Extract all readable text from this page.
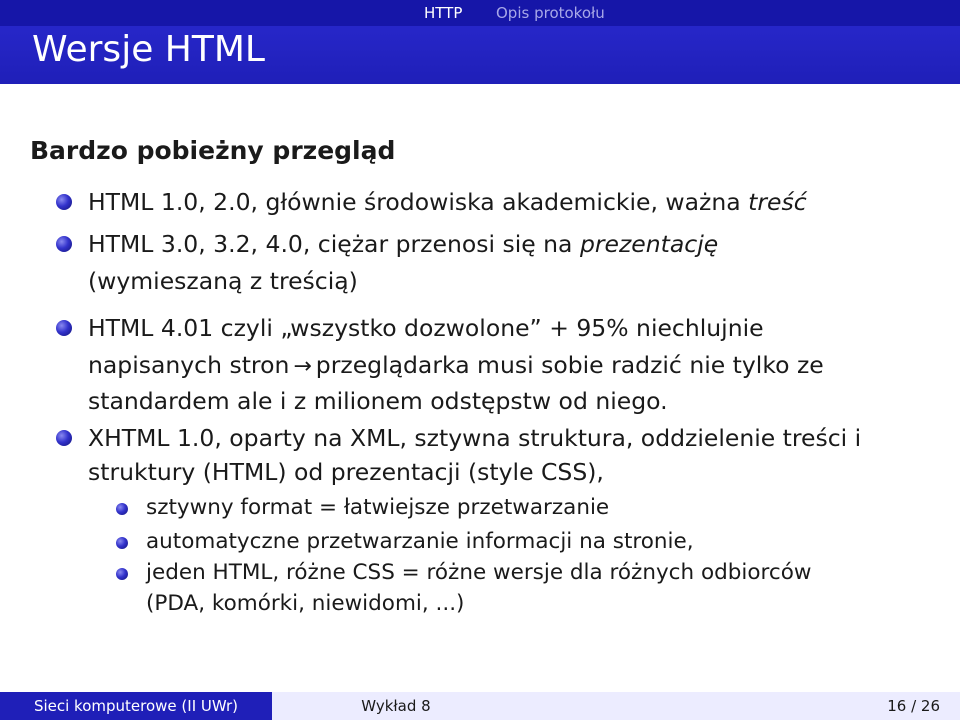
HTTP Opis protokołu
Wersje HTML
Bardzo pobieżny przegląd

HTML 1.0, 2.0, głównie środowiska akademickie, ważna treść

HTML 3.0, 3.2, 4.0, ciężar przenosi się na prezentację

(wymieszaną z treścią)

HTML 4.01 czyli „wszystko dozwolone” + 95% niechlujnie

napisanych stron → przeglądarka musi sobie radzić nie tylko ze

standardem ale i z milionem odstępstw od niego.

XHTML 1.0, oparty na XML, sztywna struktura, oddzielenie treści i

struktury (HTML) od prezentacji (style CSS),

sztywny format = łatwiejsze przetwarzanie

automatyczne przetwarzanie informacji na stronie,

jeden HTML, różne CSS = różne wersje dla różnych odbiorców

(PDA, komórki, niewidomi, ...)

Sieci komputerowe (II UWr)	Wykład 8	16 / 26
